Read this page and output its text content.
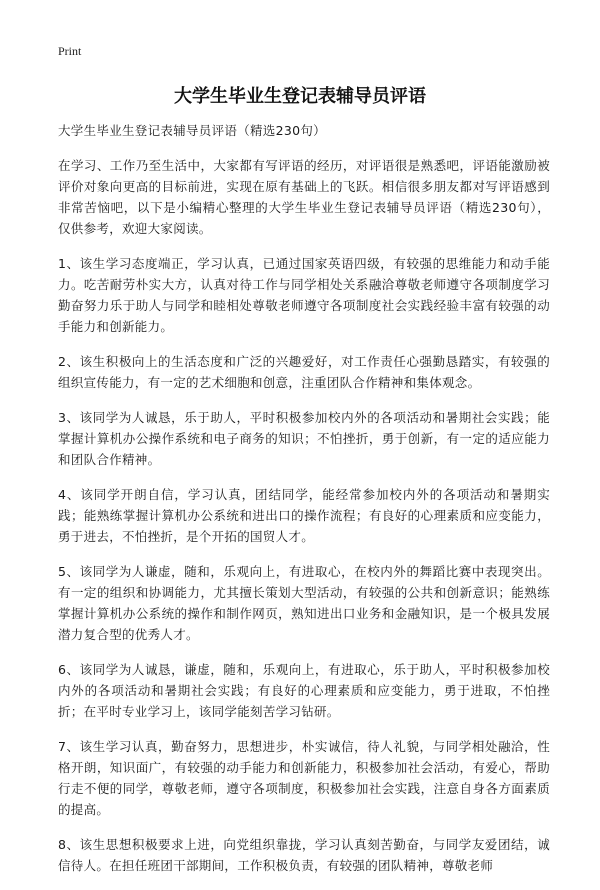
Print
大学生毕业生登记表辅导员评语

大学生毕业生登记表辅导员评语（精选230句）

在学习、工作乃至生活中，大家都有写评语的经历，对评语很是熟悉吧，评语能激励被评价对象向更高的目标前进，实现在原有基础上的飞跃。相信很多朋友都对写评语感到非常苦恼吧，以下是小编精心整理的大学生毕业生登记表辅导员评语（精选230句），仅供参考，欢迎大家阅读。

1、该生学习态度端正，学习认真，已通过国家英语四级，有较强的思维能力和动手能力。吃苦耐劳朴实大方，认真对待工作与同学相处关系融洽尊敬老师遵守各项制度学习勤奋努力乐于助人与同学和睦相处尊敬老师遵守各项制度社会实践经验丰富有较强的动手能力和创新能力。

2、该生积极向上的生活态度和广泛的兴趣爱好，对工作责任心强勤恳踏实，有较强的组织宣传能力，有一定的艺术细胞和创意，注重团队合作精神和集体观念。

3、该同学为人诚恳，乐于助人，平时积极参加校内外的各项活动和暑期社会实践；能掌握计算机办公操作系统和电子商务的知识；不怕挫折，勇于创新，有一定的适应能力和团队合作精神。

4、该同学开朗自信，学习认真，团结同学，能经常参加校内外的各项活动和暑期实践；能熟练掌握计算机办公系统和进出口的操作流程；有良好的心理素质和应变能力，勇于进去，不怕挫折，是个开拓的国贸人才。

5、该同学为人谦虚，随和，乐观向上，有进取心，在校内外的舞蹈比赛中表现突出。有一定的组织和协调能力，尤其擅长策划大型活动，有较强的公共和创新意识；能熟练掌握计算机办公系统的操作和制作网页，熟知进出口业务和金融知识，是一个极具发展潜力复合型的优秀人才。

6、该同学为人诚恳，谦虚，随和，乐观向上，有进取心，乐于助人，平时积极参加校内外的各项活动和暑期社会实践；有良好的心理素质和应变能力，勇于进取，不怕挫折；在平时专业学习上，该同学能刻苦学习钻研。

7、该生学习认真，勤奋努力，思想进步，朴实诚信，待人礼貌，与同学相处融洽，性格开朗，知识面广，有较强的动手能力和创新能力，积极参加社会活动，有爱心，帮助行走不便的同学，尊敬老师，遵守各项制度，积极参加社会实践，注意自身各方面素质的提高。

8、该生思想积极要求上进，向党组织靠拢，学习认真刻苦勤奋，与同学友爱团结，诚信待人。在担任班团干部期间，工作积极负责，有较强的团队精神，尊敬老师
